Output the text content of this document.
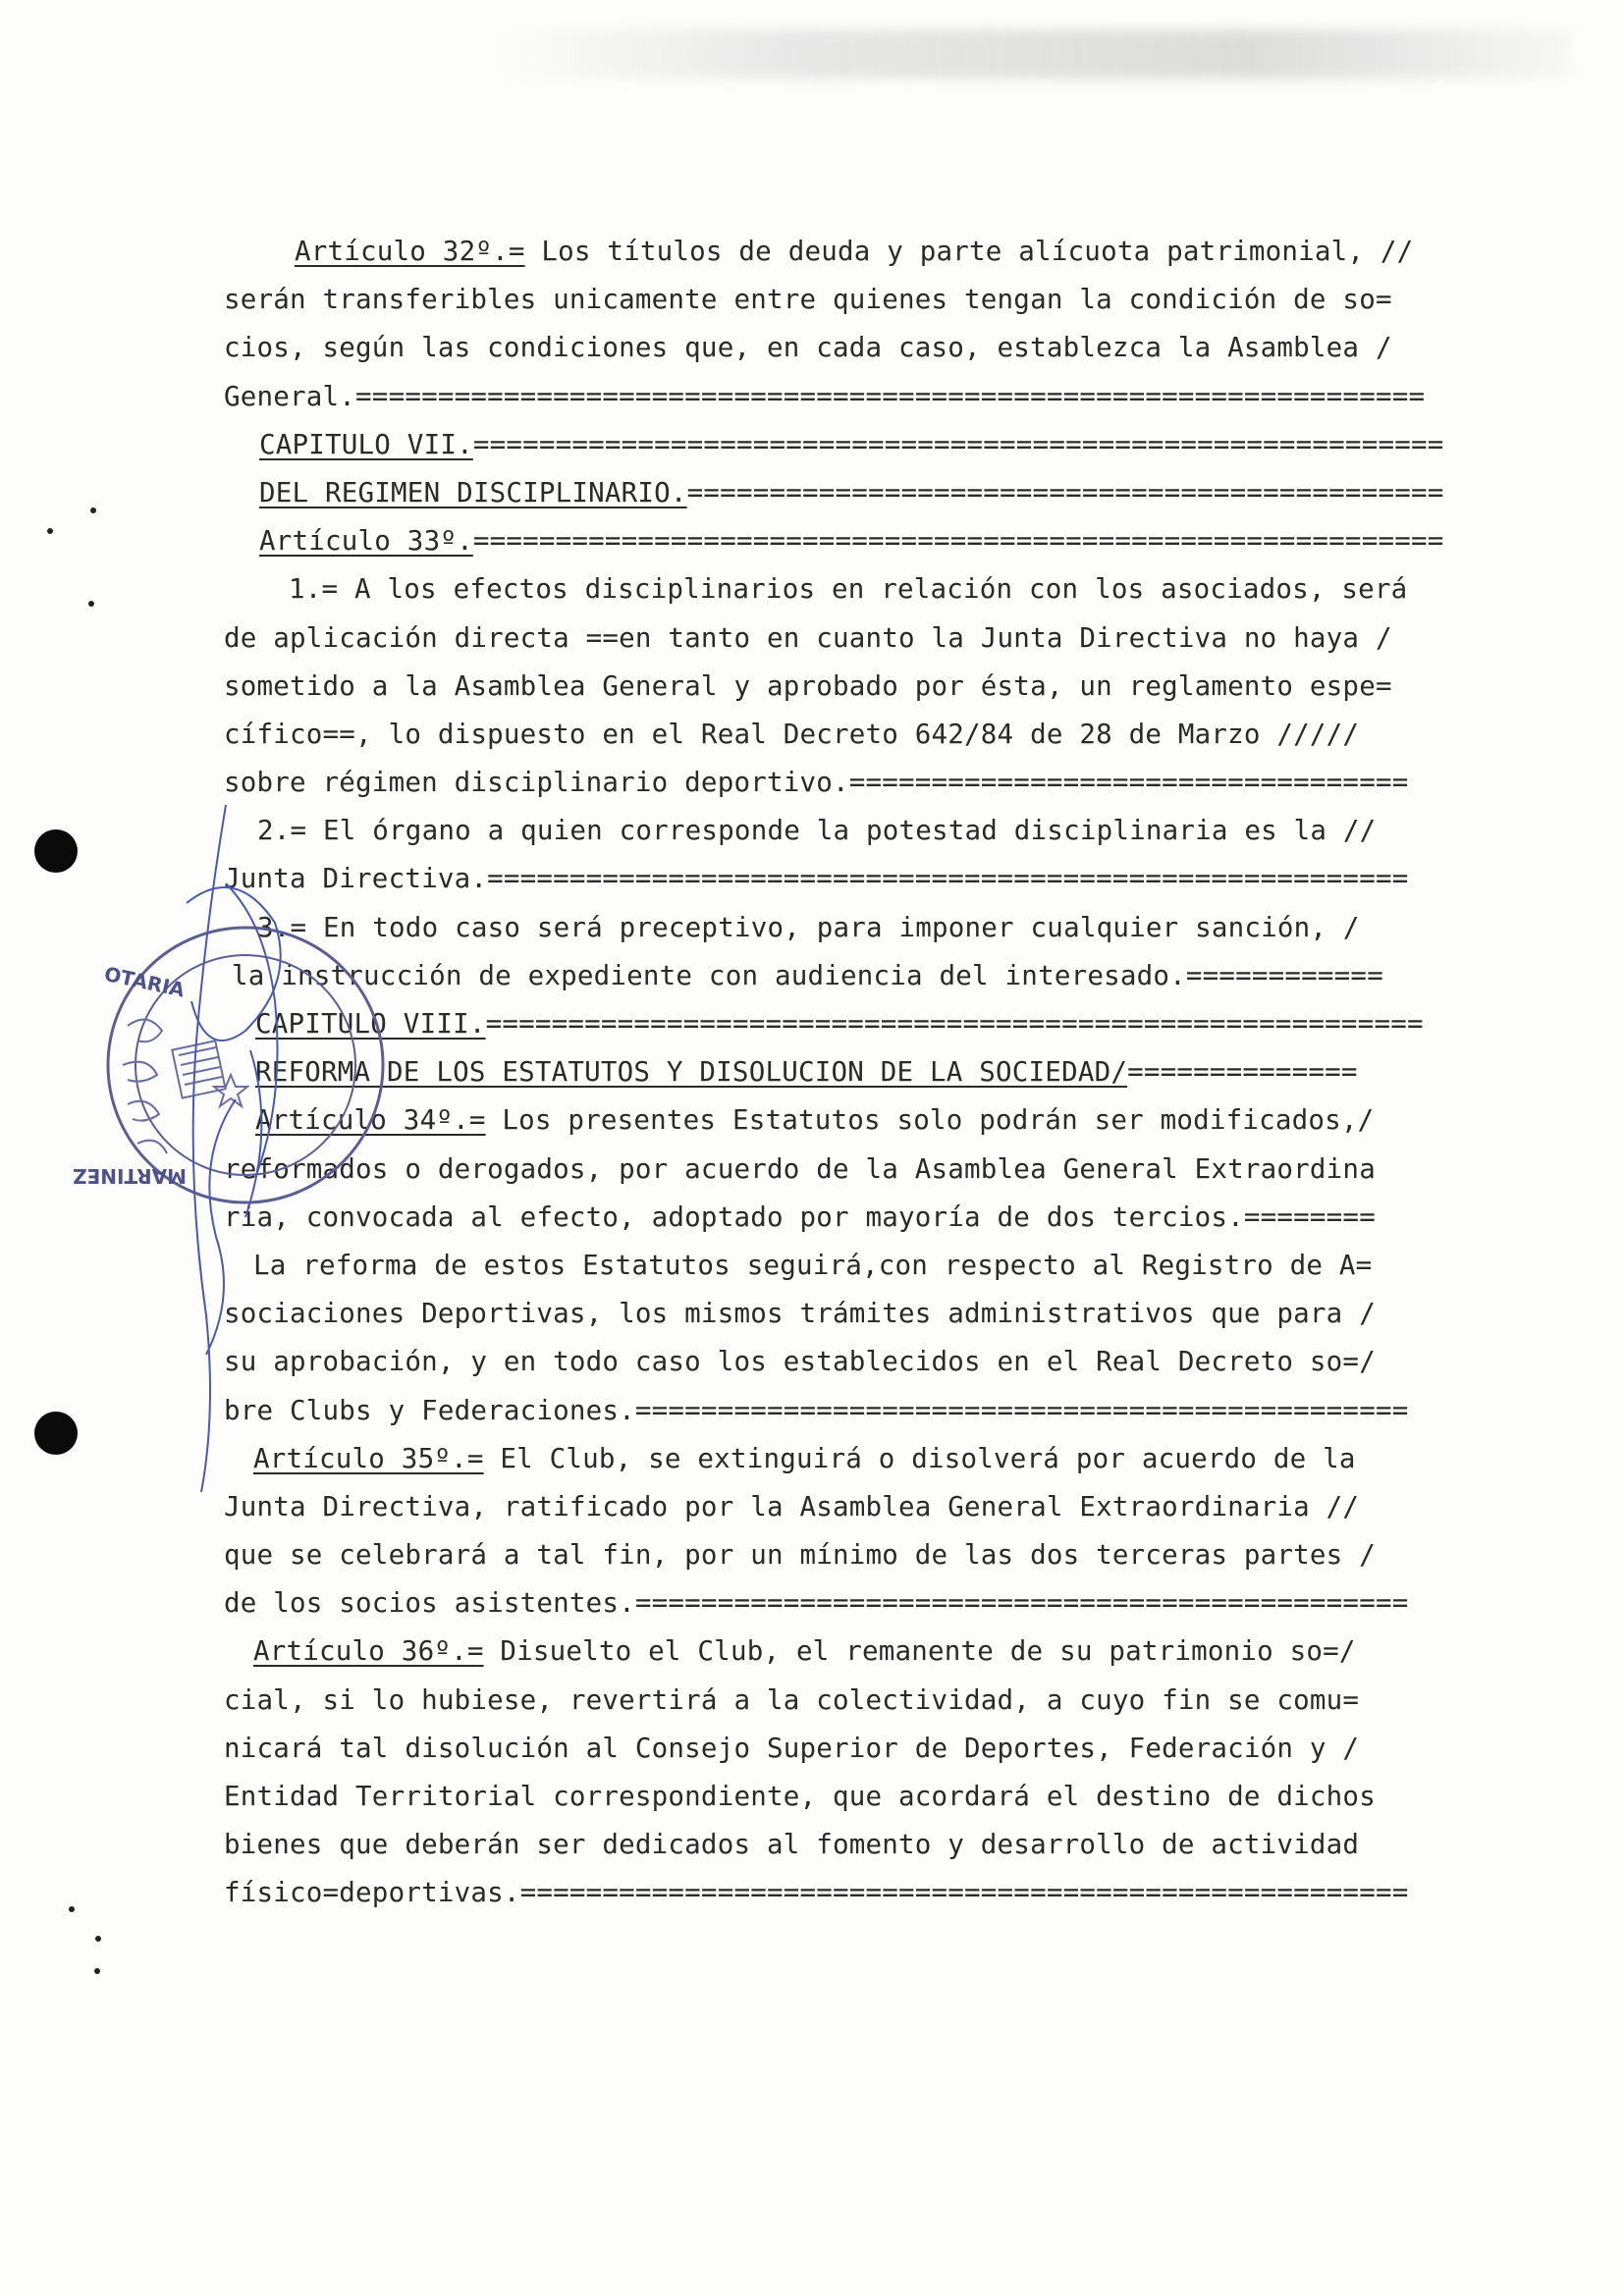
Artículo 32º.= Los títulos de deuda y parte alícuota patrimonial, //
serán transferibles unicamente entre quienes tengan la condición de so=
cios, según las condiciones que, en cada caso, establezca la Asamblea /
General.=================================================================
CAPITULO VII.===========================================================
DEL REGIMEN DISCIPLINARIO.==============================================
Artículo 33º.===========================================================
1.= A los efectos disciplinarios en relación con los asociados, será
de aplicación directa ==en tanto en cuanto la Junta Directiva no haya /
sometido a la Asamblea General y aprobado por ésta, un reglamento espe=
cífico==, lo dispuesto en el Real Decreto 642/84 de 28 de Marzo /////
sobre régimen disciplinario deportivo.==================================
2.= El órgano a quien corresponde la potestad disciplinaria es la //
Junta Directiva.========================================================
3.= En todo caso será preceptivo, para imponer cualquier sanción, /
la instrucción de expediente con audiencia del interesado.============
CAPITULO VIII.=========================================================
REFORMA DE LOS ESTATUTOS Y DISOLUCION DE LA SOCIEDAD/==============
Artículo 34º.= Los presentes Estatutos solo podrán ser modificados,/
reformados o derogados, por acuerdo de la Asamblea General Extraordina
ria, convocada al efecto, adoptado por mayoría de dos tercios.========
La reforma de estos Estatutos seguirá,con respecto al Registro de A=
sociaciones Deportivas, los mismos trámites administrativos que para /
su aprobación, y en todo caso los establecidos en el Real Decreto so=/
bre Clubs y Federaciones.===============================================
Artículo 35º.= El Club, se extinguirá o disolverá por acuerdo de la
Junta Directiva, ratificado por la Asamblea General Extraordinaria //
que se celebrará a tal fin, por un mínimo de las dos terceras partes /
de los socios asistentes.===============================================
Artículo 36º.= Disuelto el Club, el remanente de su patrimonio so=/
cial, si lo hubiese, revertirá a la colectividad, a cuyo fin se comu=
nicará tal disolución al Consejo Superior de Deportes, Federación y /
Entidad Territorial correspondiente, que acordará el destino de dichos
bienes que deberán ser dedicados al fomento y desarrollo de actividad
físico=deportivas.======================================================
OTARIA
MARTINEZ
